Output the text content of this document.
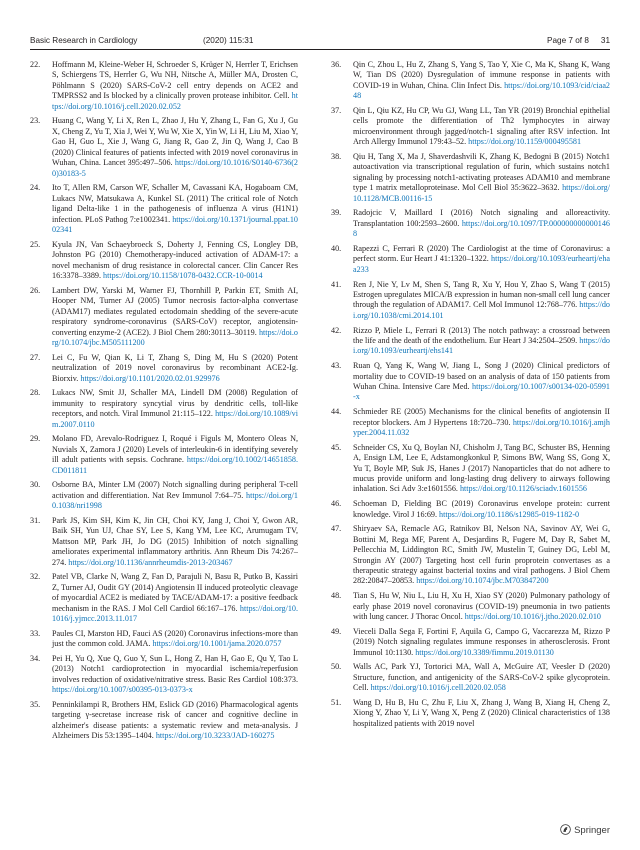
Basic Research in Cardiology	(2020) 115:31	Page 7 of 8 31
22. Hoffmann M, Kleine-Weber H, Schroeder S, Krüger N, Herrler T, Erichsen S, Schiergens TS, Herrler G, Wu NH, Nitsche A, Müller MA, Drosten C, Pöhlmann S (2020) SARS-CoV-2 cell entry depends on ACE2 and TMPRSS2 and Is blocked by a clinically proven protease inhibitor. Cell. https://doi.org/10.1016/j.cell.2020.02.052
23. Huang C, Wang Y, Li X, Ren L, Zhao J, Hu Y, Zhang L, Fan G, Xu J, Gu X, Cheng Z, Yu T, Xia J, Wei Y, Wu W, Xie X, Yin W, Li H, Liu M, Xiao Y, Gao H, Guo L, Xie J, Wang G, Jiang R, Gao Z, Jin Q, Wang J, Cao B (2020) Clinical features of patients infected with 2019 novel coronavirus in Wuhan, China. Lancet 395:497–506. https://doi.org/10.1016/S0140-6736(20)30183-5
24. Ito T, Allen RM, Carson WF, Schaller M, Cavassani KA, Hogaboam CM, Lukacs NW, Matsukawa A, Kunkel SL (2011) The critical role of Notch ligand Delta-like 1 in the pathogenesis of influenza A virus (H1N1) infection. PLoS Pathog 7:e1002341. https://doi.org/10.1371/journal.ppat.1002341
25. Kyula JN, Van Schaeybroeck S, Doherty J, Fenning CS, Longley DB, Johnston PG (2010) Chemotherapy-induced activation of ADAM-17: a novel mechanism of drug resistance in colorectal cancer. Clin Cancer Res 16:3378–3389. https://doi.org/10.1158/1078-0432.CCR-10-0014
26. Lambert DW, Yarski M, Warner FJ, Thornhill P, Parkin ET, Smith AI, Hooper NM, Turner AJ (2005) Tumor necrosis factor-alpha convertase (ADAM17) mediates regulated ectodomain shedding of the severe-acute respiratory syndrome-coronavirus (SARS-CoV) receptor, angiotensin-converting enzyme-2 (ACE2). J Biol Chem 280:30113–30119. https://doi.org/10.1074/jbc.M505111200
27. Lei C, Fu W, Qian K, Li T, Zhang S, Ding M, Hu S (2020) Potent neutralization of 2019 novel coronavirus by recombinant ACE2-Ig. Biorxiv. https://doi.org/10.1101/2020.02.01.929976
28. Lukacs NW, Smit JJ, Schaller MA, Lindell DM (2008) Regulation of immunity to respiratory syncytial virus by dendritic cells, toll-like receptors, and notch. Viral Immunol 21:115–122. https://doi.org/10.1089/vim.2007.0110
29. Molano FD, Arevalo-Rodriguez I, Roqué i Figuls M, Montero Oleas N, Nuvials X, Zamora J (2020) Levels of interleukin-6 in identifying severely ill adult patients with sepsis. Cochrane. https://doi.org/10.1002/14651858.CD011811
30. Osborne BA, Minter LM (2007) Notch signalling during peripheral T-cell activation and differentiation. Nat Rev Immunol 7:64–75. https://doi.org/10.1038/nri1998
31. Park JS, Kim SH, Kim K, Jin CH, Choi KY, Jang J, Choi Y, Gwon AR, Baik SH, Yun UJ, Chae SY, Lee S, Kang YM, Lee KC, Arumugam TV, Mattson MP, Park JH, Jo DG (2015) Inhibition of notch signalling ameliorates experimental inflammatory arthritis. Ann Rheum Dis 74:267–274. https://doi.org/10.1136/annrheumdis-2013-203467
32. Patel VB, Clarke N, Wang Z, Fan D, Parajuli N, Basu R, Putko B, Kassiri Z, Turner AJ, Oudit GY (2014) Angiotensin II induced proteolytic cleavage of myocardial ACE2 is mediated by TACE/ADAM-17: a positive feedback mechanism in the RAS. J Mol Cell Cardiol 66:167–176. https://doi.org/10.1016/j.yjmcc.2013.11.017
33. Paules CI, Marston HD, Fauci AS (2020) Coronavirus infections-more than just the common cold. JAMA. https://doi.org/10.1001/jama.2020.0757
34. Pei H, Yu Q, Xue Q, Guo Y, Sun L, Hong Z, Han H, Gao E, Qu Y, Tao L (2013) Notch1 cardioprotection in myocardial ischemia/reperfusion involves reduction of oxidative/nitrative stress. Basic Res Cardiol 108:373. https://doi.org/10.1007/s00395-013-0373-x
35. Penninkilampi R, Brothers HM, Eslick GD (2016) Pharmacological agents targeting γ-secretase increase risk of cancer and cognitive decline in alzheimer's disease patients: a systematic review and meta-analysis. J Alzheimers Dis 53:1395–1404. https://doi.org/10.3233/JAD-160275
36. Qin C, Zhou L, Hu Z, Zhang S, Yang S, Tao Y, Xie C, Ma K, Shang K, Wang W, Tian DS (2020) Dysregulation of immune response in patients with COVID-19 in Wuhan, China. Clin Infect Dis. https://doi.org/10.1093/cid/ciaa248
37. Qin L, Qiu KZ, Hu CP, Wu GJ, Wang LL, Tan YR (2019) Bronchial epithelial cells promote the differentiation of Th2 lymphocytes in airway microenvironment through jagged/notch-1 signaling after RSV infection. Int Arch Allergy Immunol 179:43–52. https://doi.org/10.1159/000495581
38. Qiu H, Tang X, Ma J, Shaverdashvili K, Zhang K, Bedogni B (2015) Notch1 autoactivation via transcriptional regulation of furin, which sustains notch1 signaling by processing notch1-activating proteases ADAM10 and membrane type 1 matrix metalloproteinase. Mol Cell Biol 35:3622–3632. https://doi.org/10.1128/MCB.00116-15
39. Radojcic V, Maillard I (2016) Notch signaling and alloreactivity. Transplantation 100:2593–2600. https://doi.org/10.1097/TP.0000000000001468
40. Rapezzi C, Ferrari R (2020) The Cardiologist at the time of Coronavirus: a perfect storm. Eur Heart J 41:1320–1322. https://doi.org/10.1093/eurheartj/ehaa233
41. Ren J, Nie Y, Lv M, Shen S, Tang R, Xu Y, Hou Y, Zhao S, Wang T (2015) Estrogen upregulates MICA/B expression in human non-small cell lung cancer through the regulation of ADAM17. Cell Mol Immunol 12:768–776. https://doi.org/10.1038/cmi.2014.101
42. Rizzo P, Miele L, Ferrari R (2013) The notch pathway: a crossroad between the life and the death of the endothelium. Eur Heart J 34:2504–2509. https://doi.org/10.1093/eurheartj/ehs141
43. Ruan Q, Yang K, Wang W, Jiang L, Song J (2020) Clinical predictors of mortality due to COVID-19 based on an analysis of data of 150 patients from Wuhan China. Intensive Care Med. https://doi.org/10.1007/s00134-020-05991-x
44. Schmieder RE (2005) Mechanisms for the clinical benefits of angiotensin II receptor blockers. Am J Hypertens 18:720–730. https://doi.org/10.1016/j.amjhyper.2004.11.032
45. Schneider CS, Xu Q, Boylan NJ, Chisholm J, Tang BC, Schuster BS, Henning A, Ensign LM, Lee E, Adstamongkonkul P, Simons BW, Wang SS, Gong X, Yu T, Boyle MP, Suk JS, Hanes J (2017) Nanoparticles that do not adhere to mucus provide uniform and long-lasting drug delivery to airways following inhalation. Sci Adv 3:e1601556. https://doi.org/10.1126/sciadv.1601556
46. Schoeman D, Fielding BC (2019) Coronavirus envelope protein: current knowledge. Virol J 16:69. https://doi.org/10.1186/s12985-019-1182-0
47. Shiryaev SA, Remacle AG, Ratnikov BI, Nelson NA, Savinov AY, Wei G, Bottini M, Rega MF, Parent A, Desjardins R, Fugere M, Day R, Sabet M, Pellecchia M, Liddington RC, Smith JW, Mustelin T, Guiney DG, Lebl M, Strongin AY (2007) Targeting host cell furin proprotein convertases as a therapeutic strategy against bacterial toxins and viral pathogens. J Biol Chem 282:20847–20853. https://doi.org/10.1074/jbc.M703847200
48. Tian S, Hu W, Niu L, Liu H, Xu H, Xiao SY (2020) Pulmonary pathology of early phase 2019 novel coronavirus (COVID-19) pneumonia in two patients with lung cancer. J Thorac Oncol. https://doi.org/10.1016/j.jtho.2020.02.010
49. Vieceli Dalla Sega F, Fortini F, Aquila G, Campo G, Vaccarezza M, Rizzo P (2019) Notch signaling regulates immune responses in atherosclerosis. Front Immunol 10:1130. https://doi.org/10.3389/fimmu.2019.01130
50. Walls AC, Park YJ, Tortorici MA, Wall A, McGuire AT, Veesler D (2020) Structure, function, and antigenicity of the SARS-CoV-2 spike glycoprotein. Cell. https://doi.org/10.1016/j.cell.2020.02.058
51. Wang D, Hu B, Hu C, Zhu F, Liu X, Zhang J, Wang B, Xiang H, Cheng Z, Xiong Y, Zhao Y, Li Y, Wang X, Peng Z (2020) Clinical characteristics of 138 hospitalized patients with 2019 novel
Springer
